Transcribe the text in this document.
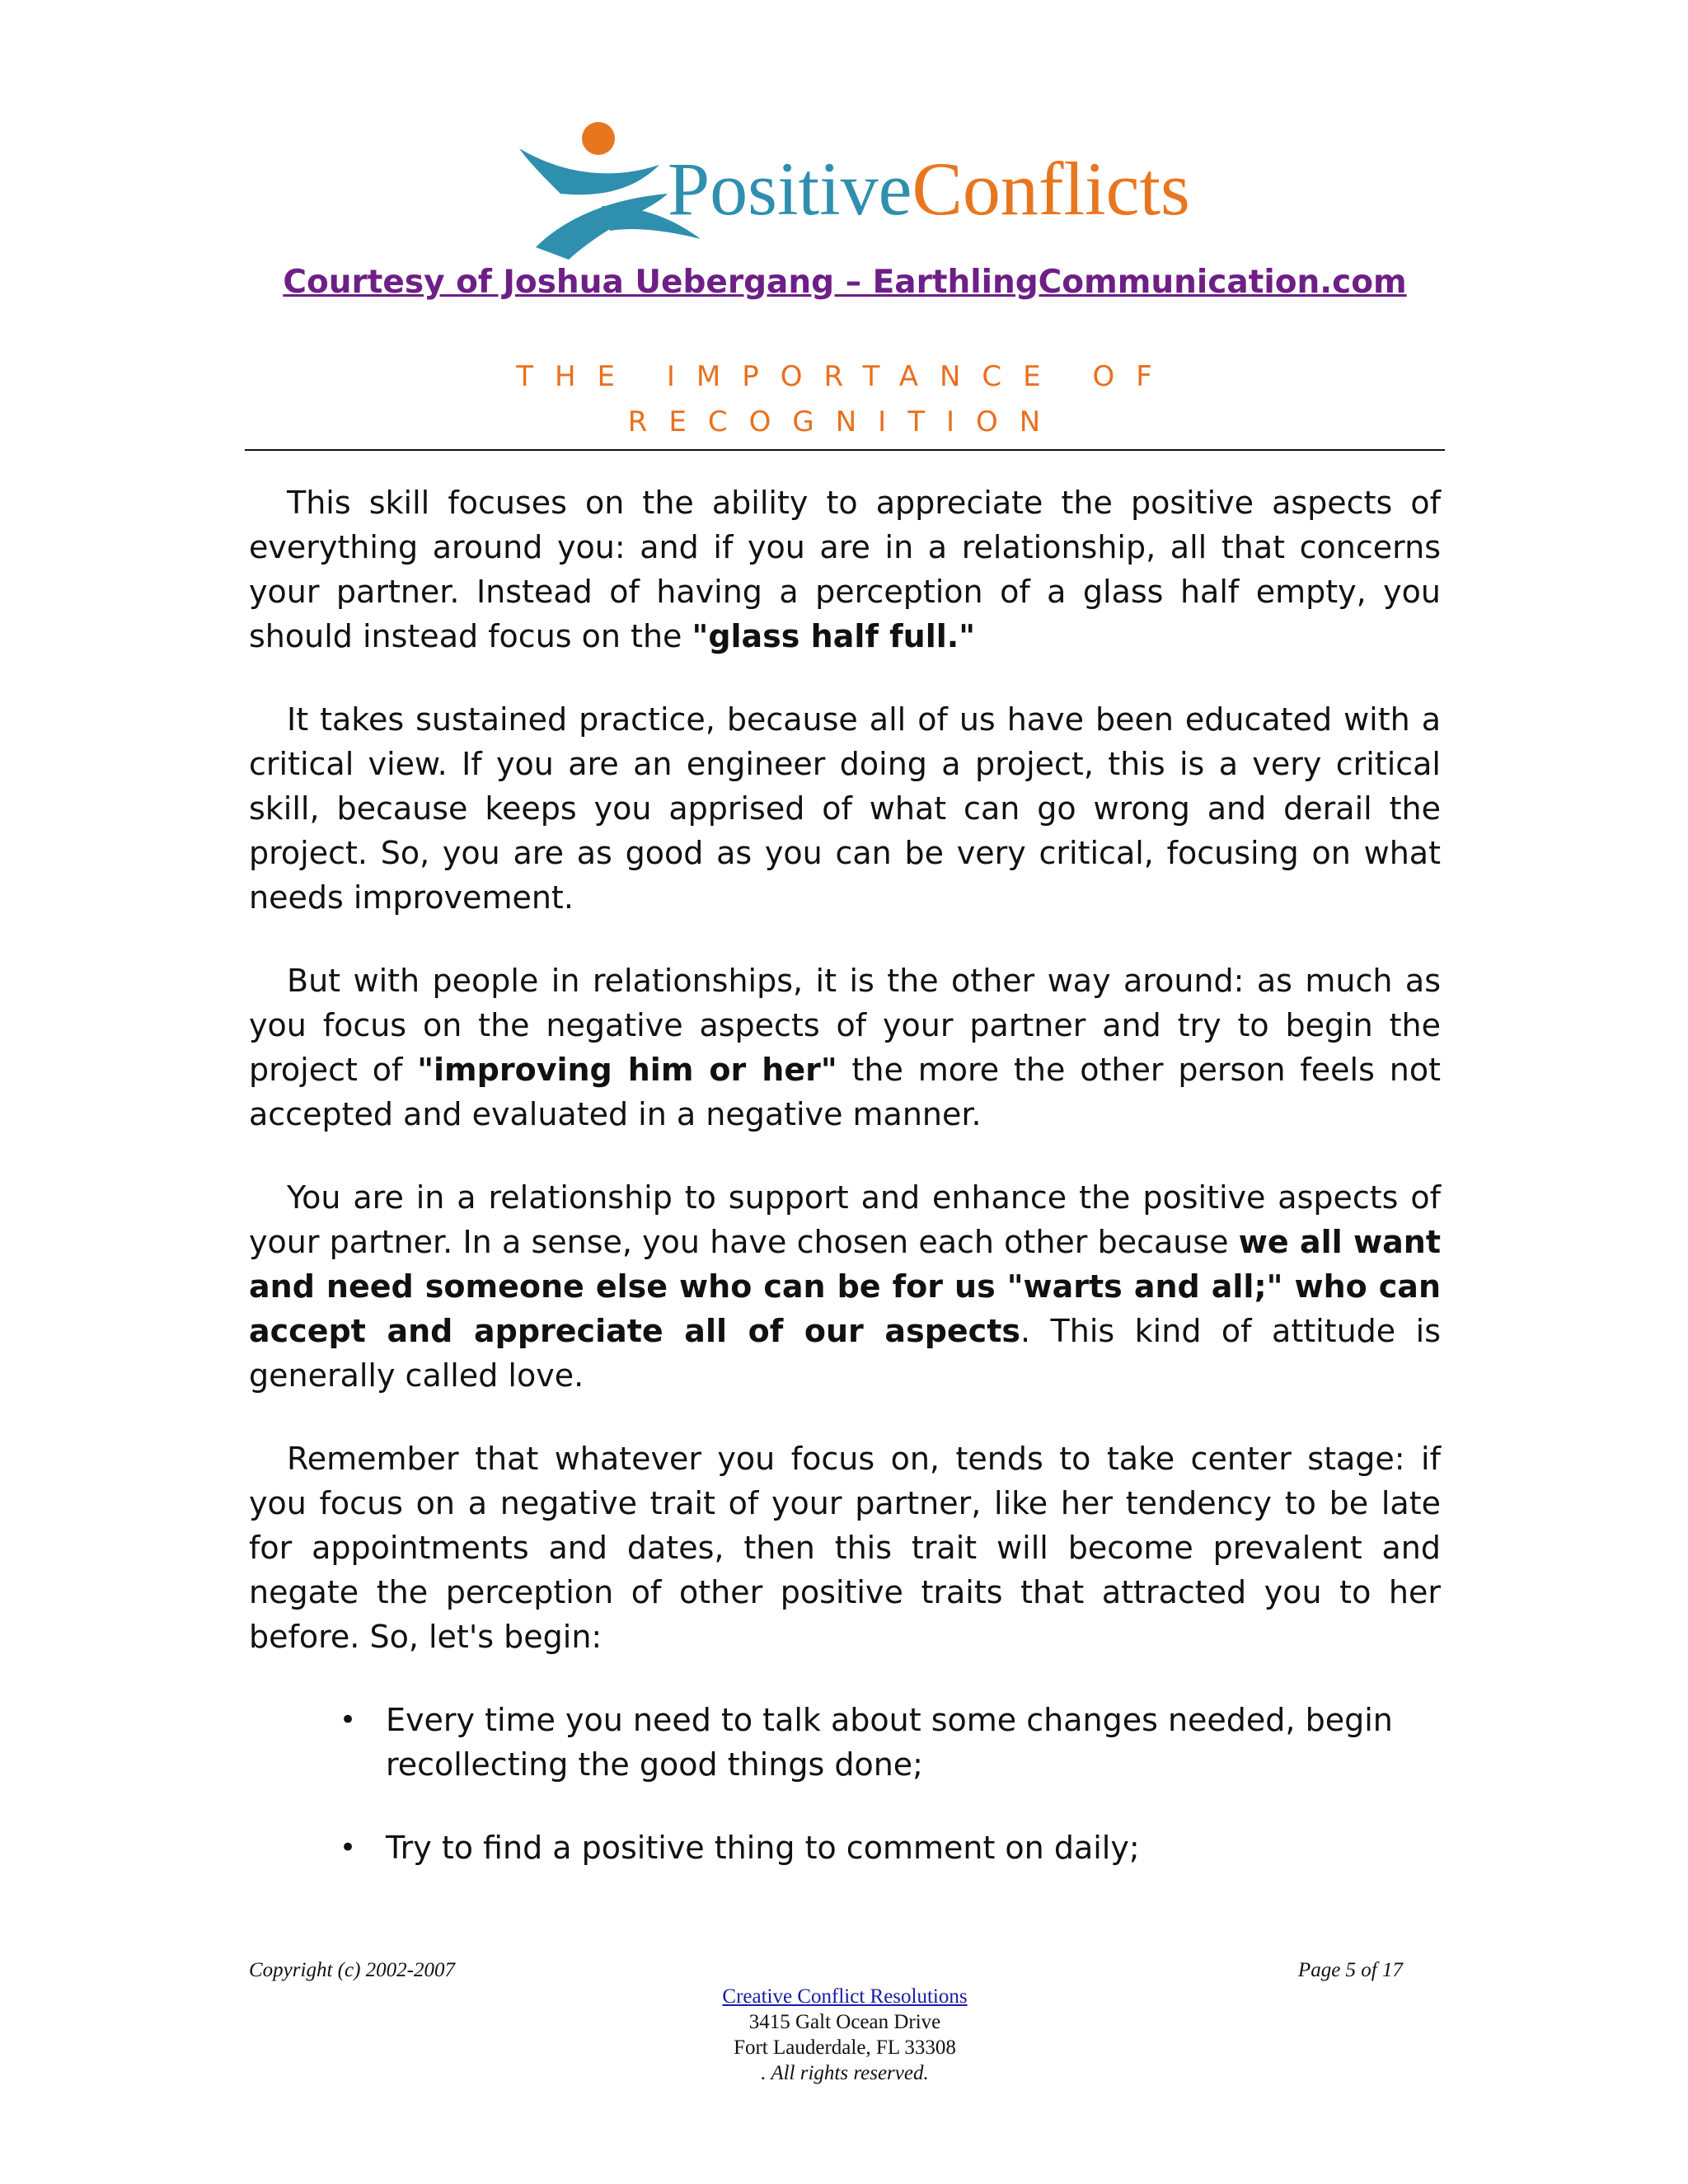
PositiveConflicts
Courtesy of Joshua Uebergang – EarthlingCommunication.com
THE IMPORTANCE OF
RECOGNITION

This skill focuses on the ability to appreciate the positive aspects of everything around you: and if you are in a relationship, all that concerns your partner. Instead of having a perception of a glass half empty, you should instead focus on the "glass half full."

It takes sustained practice, because all of us have been educated with a critical view. If you are an engineer doing a project, this is a very critical skill, because keeps you apprised of what can go wrong and derail the project. So, you are as good as you can be very critical, focusing on what needs improvement.

But with people in relationships, it is the other way around: as much as you focus on the negative aspects of your partner and try to begin the project of "improving him or her" the more the other person feels not accepted and evaluated in a negative manner.

You are in a relationship to support and enhance the positive aspects of your partner. In a sense, you have chosen each other because we all want and need someone else who can be for us "warts and all;" who can accept and appreciate all of our aspects. This kind of attitude is generally called love.

Remember that whatever you focus on, tends to take center stage: if you focus on a negative trait of your partner, like her tendency to be late for appointments and dates, then this trait will become prevalent and negate the perception of other positive traits that attracted you to her before. So, let's begin:

• Every time you need to talk about some changes needed, begin recollecting the good things done;
• Try to find a positive thing to comment on daily;
Copyright (c) 2002-2007	Page 5 of 17
Creative Conflict Resolutions
3415 Galt Ocean Drive
Fort Lauderdale, FL 33308
. All rights reserved.
